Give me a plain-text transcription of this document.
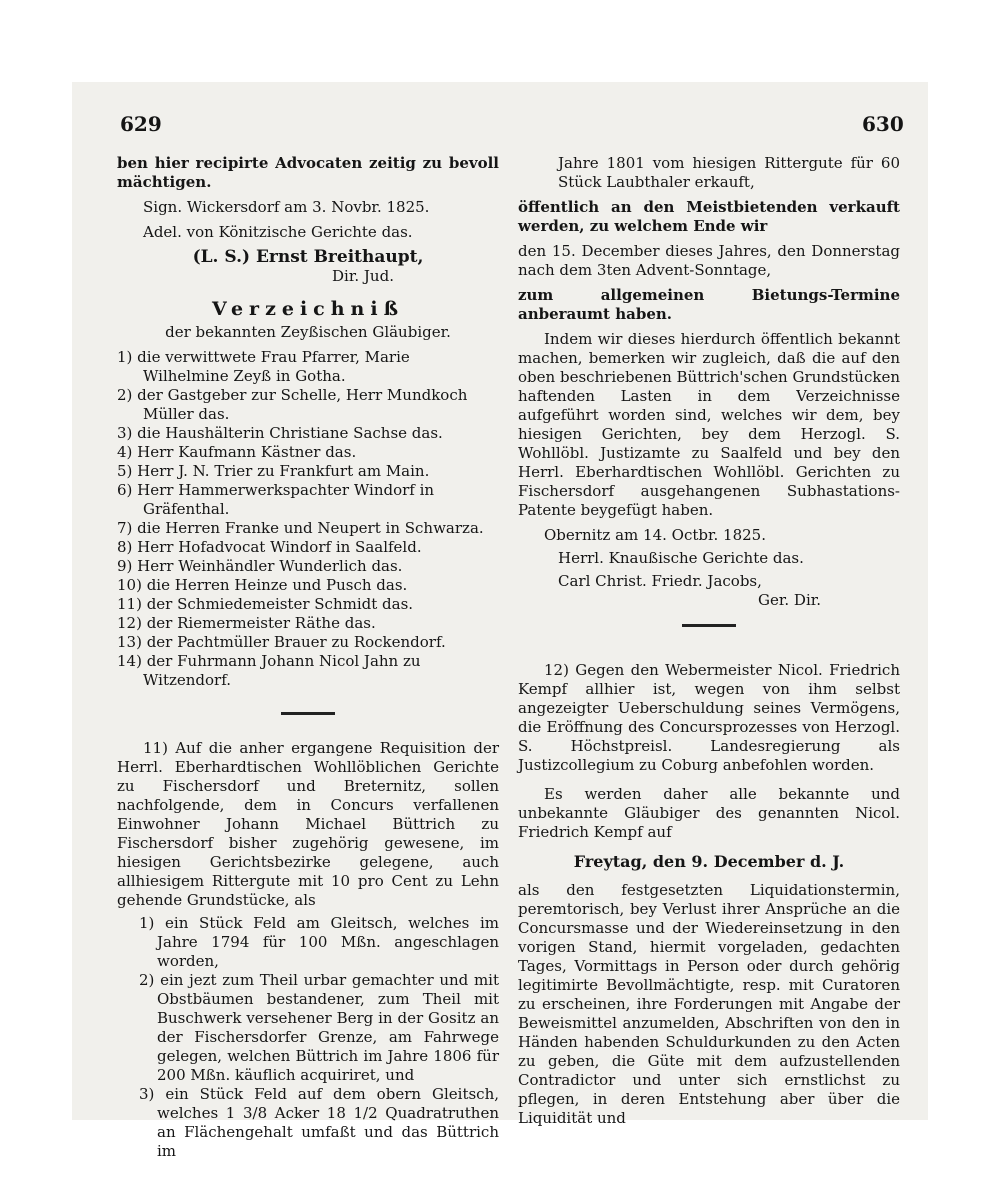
629	630

ben hier recipirte Advocaten zeitig zu bevoll mächtigen.

Sign. Wickersdorf am 3. Novbr. 1825.

Adel. von Könitzische Gerichte das.

(L. S.) Ernst Breithaupt,

Dir. Jud.

Verzeichniß

der bekannten Zeyßischen Gläubiger.

1) die verwittwete Frau Pfarrer, Marie Wilhelmine Zeyß in Gotha.

2) der Gastgeber zur Schelle, Herr Mundkoch Müller das.

3) die Haushälterin Christiane Sachse das.

4) Herr Kaufmann Kästner das.

5) Herr J. N. Trier zu Frankfurt am Main.

6) Herr Hammerwerkspachter Windorf in Gräfenthal.

7) die Herren Franke und Neupert in Schwarza.

8) Herr Hofadvocat Windorf in Saalfeld.

9) Herr Weinhändler Wunderlich das.

10) die Herren Heinze und Pusch das.

11) der Schmiedemeister Schmidt das.

12) der Riemermeister Räthe das.

13) der Pachtmüller Brauer zu Rockendorf.

14) der Fuhrmann Johann Nicol Jahn zu Witzendorf.

11) Auf die anher ergangene Requisition der Herrl. Eberhardtischen Wohllöblichen Gerichte zu Fischersdorf und Breternitz, sollen nachfolgende, dem in Concurs verfallenen Einwohner Johann Michael Büttrich zu Fischersdorf bisher zugehörig gewesene, im hiesigen Gerichtsbezirke gelegene, auch allhiesigem Rittergute mit 10 pro Cent zu Lehn gehende Grundstücke, als

1) ein Stück Feld am Gleitsch, welches im Jahre 1794 für 100 Mßn. angeschlagen worden,

2) ein jezt zum Theil urbar gemachter und mit Obstbäumen bestandener, zum Theil mit Buschwerk versehener Berg in der Gositz an der Fischersdorfer Grenze, am Fahrwege gelegen, welchen Büttrich im Jahre 1806 für 200 Mßn. käuflich acquiriret, und

3) ein Stück Feld auf dem obern Gleitsch, welches 1 3/8 Acker 18 1/2 Quadratruthen an Flächengehalt umfaßt und das Büttrich im

Jahre 1801 vom hiesigen Rittergute für 60 Stück Laubthaler erkauft,

öffentlich an den Meistbietenden verkauft werden, zu welchem Ende wir

den 15. December dieses Jahres, den Donnerstag nach dem 3ten Advent-Sonntage,

zum allgemeinen Bietungs-Termine anberaumt haben.

Indem wir dieses hierdurch öffentlich bekannt machen, bemerken wir zugleich, daß die auf den oben beschriebenen Büttrich'schen Grundstücken haftenden Lasten in dem Verzeichnisse aufgeführt worden sind, welches wir dem, bey hiesigen Gerichten, bey dem Herzogl. S. Wohllöbl. Justizamte zu Saalfeld und bey den Herrl. Eberhardtischen Wohllöbl. Gerichten zu Fischersdorf ausgehangenen Subhastations-Patente beygefügt haben.

Obernitz am 14. Octbr. 1825.

Herrl. Knaußische Gerichte das.

Carl Christ. Friedr. Jacobs,

Ger. Dir.

12) Gegen den Webermeister Nicol. Friedrich Kempf allhier ist, wegen von ihm selbst angezeigter Ueberschuldung seines Vermögens, die Eröffnung des Concursprozesses von Herzogl. S. Höchstpreisl. Landesregierung als Justizcollegium zu Coburg anbefohlen worden.

Es werden daher alle bekannte und unbekannte Gläubiger des genannten Nicol. Friedrich Kempf auf

Freytag, den 9. December d. J.

als den festgesetzten Liquidationstermin, peremtorisch, bey Verlust ihrer Ansprüche an die Concursmasse und der Wiedereinsetzung in den vorigen Stand, hiermit vorgeladen, gedachten Tages, Vormittags in Person oder durch gehörig legitimirte Bevollmächtigte, resp. mit Curatoren zu erscheinen, ihre Forderungen mit Angabe der Beweismittel anzumelden, Abschriften von den in Händen habenden Schuldurkunden zu den Acten zu geben, die Güte mit dem aufzustellenden Contradictor und unter sich ernstlichst zu pflegen, in deren Entstehung aber über die Liquidität und
